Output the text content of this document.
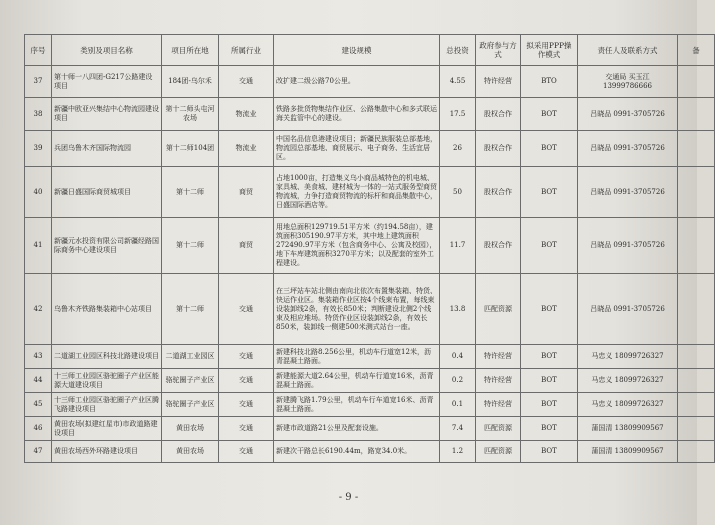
序号	类别及项目名称	项目所在地	所属行业	建设规模	总投资	政府参与方式	拟采用PPP操作模式	责任人及联系方式	备
37	第十师一八四团-G217公路建设项目	184团-乌尔禾	交通	改扩建二级公路70公里。	4.55	特许经营	BTO	交通局 买玉江 13999786666	
38	新疆中欧亚兴集结中心物流园建设项目	第十二师头屯河农场	物流业	铁路多批货物集结作业区、公路集散中心和多式联运海关监管中心的建设。	17.5	股权合作	BOT	吕晓品 0991-3705726	
39	兵团乌鲁木齐国际物流园	第十二师104团	物流业	中国名品信息港建设项目；新疆民族服装总部基地，物流园总部基地、商贸展示、电子商务、生活宜居区。	26	股权合作	BOT	吕晓品 0991-3705726	
40	新疆日盛国际商贸城项目	第十二师	商贸	占地1000亩，打造集义乌小商品城特色的机电城、家具城、美食城、建材城为一体的一站式服务型商贸物流城，力争打造商贸物流的标杆和商品集散中心，日盛国际酒店等。	50	股权合作	BOT	吕晓品 0991-3705726	
41	新疆元水投资有限公司新疆经路国际商务中心建设项目	第十二师	商贸	用地总面积129719.51平方米（约194.58亩），建筑面积305190.97平方米，其中地上建筑面积272490.97平方米（包含商务中心、公寓及校园），地下车库建筑面积3270平方米；以及配套的室外工程建设。	11.7	股权合作	BOT	吕晓品 0991-3705726	
42	乌鲁木齐铁路集装箱中心站项目	第十二师	交通	在三坪站车站北侧由南向北依次布置集装箱、特货、快运作业区。集装箱作业区按4个线束布置，每线束设装卸线2条，有效长850米；判断建设北侧2个线束及相应堆场。特货作业区设装卸线2条，有效长850米，装卸线一侧建500米测式站台一座。	13.8	匹配资源	BOT	吕晓品 0991-3705726	
43	二道湖工业园区科技北路建设项目	二道湖工业园区	交通	新建科技北路8.256公里，机动车行道宽12米，沥青混凝土路面。	0.4	特许经营	BOT	马忠义 18099726327	
44	十三师工业园区骆驼圈子产业区能源大道建设项目	骆驼圈子产业区	交通	新建能源大道2.64公里，机动车行道宽16米，沥青混凝土路面。	0.2	特许经营	BOT	马忠义 18099726327	
45	十三师工业园区骆驼圈子产业区腾飞路建设项目	骆驼圈子产业区	交通	新建腾飞路1.79公里，机动车行车道宽16米、沥青混凝土路面。	0.1	特许经营	BOT	马忠义 18099726327	
46	黄田农场(拟建红星市)市政道路建设项目	黄田农场	交通	新建市政道路21公里及配套设施。	7.4	匹配资源	BOT	蒲国清 13809909567	
47	黄田农场西外环路建设项目	黄田农场	交通	新建次干路总长6190.44m，路宽34.0米。	1.2	匹配资源	BOT	蒲国清 13809909567	
- 9 -
